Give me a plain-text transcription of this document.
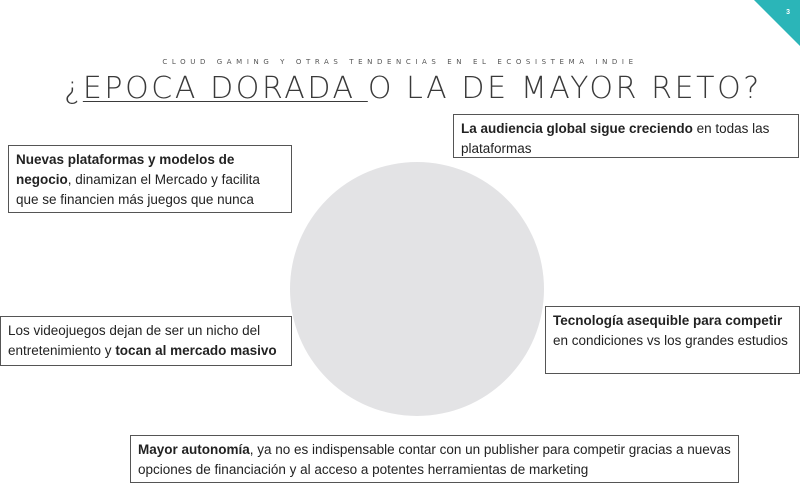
3
CLOUD GAMING Y OTRAS TENDENCIAS EN EL ECOSISTEMA INDIE
¿EPOCA DORADA O LA DE MAYOR RETO?
La audiencia global sigue creciendo en todas las plataformas
Nuevas plataformas y modelos de negocio, dinamizan el Mercado y facilita que se financien más juegos que nunca
Los videojuegos dejan de ser un nicho del entretenimiento y tocan al mercado masivo
Tecnología asequible para competir en condiciones vs los grandes estudios
Mayor autonomía, ya no es indispensable contar con un publisher para competir gracias a nuevas opciones de financiación y al acceso a potentes herramientas de marketing
